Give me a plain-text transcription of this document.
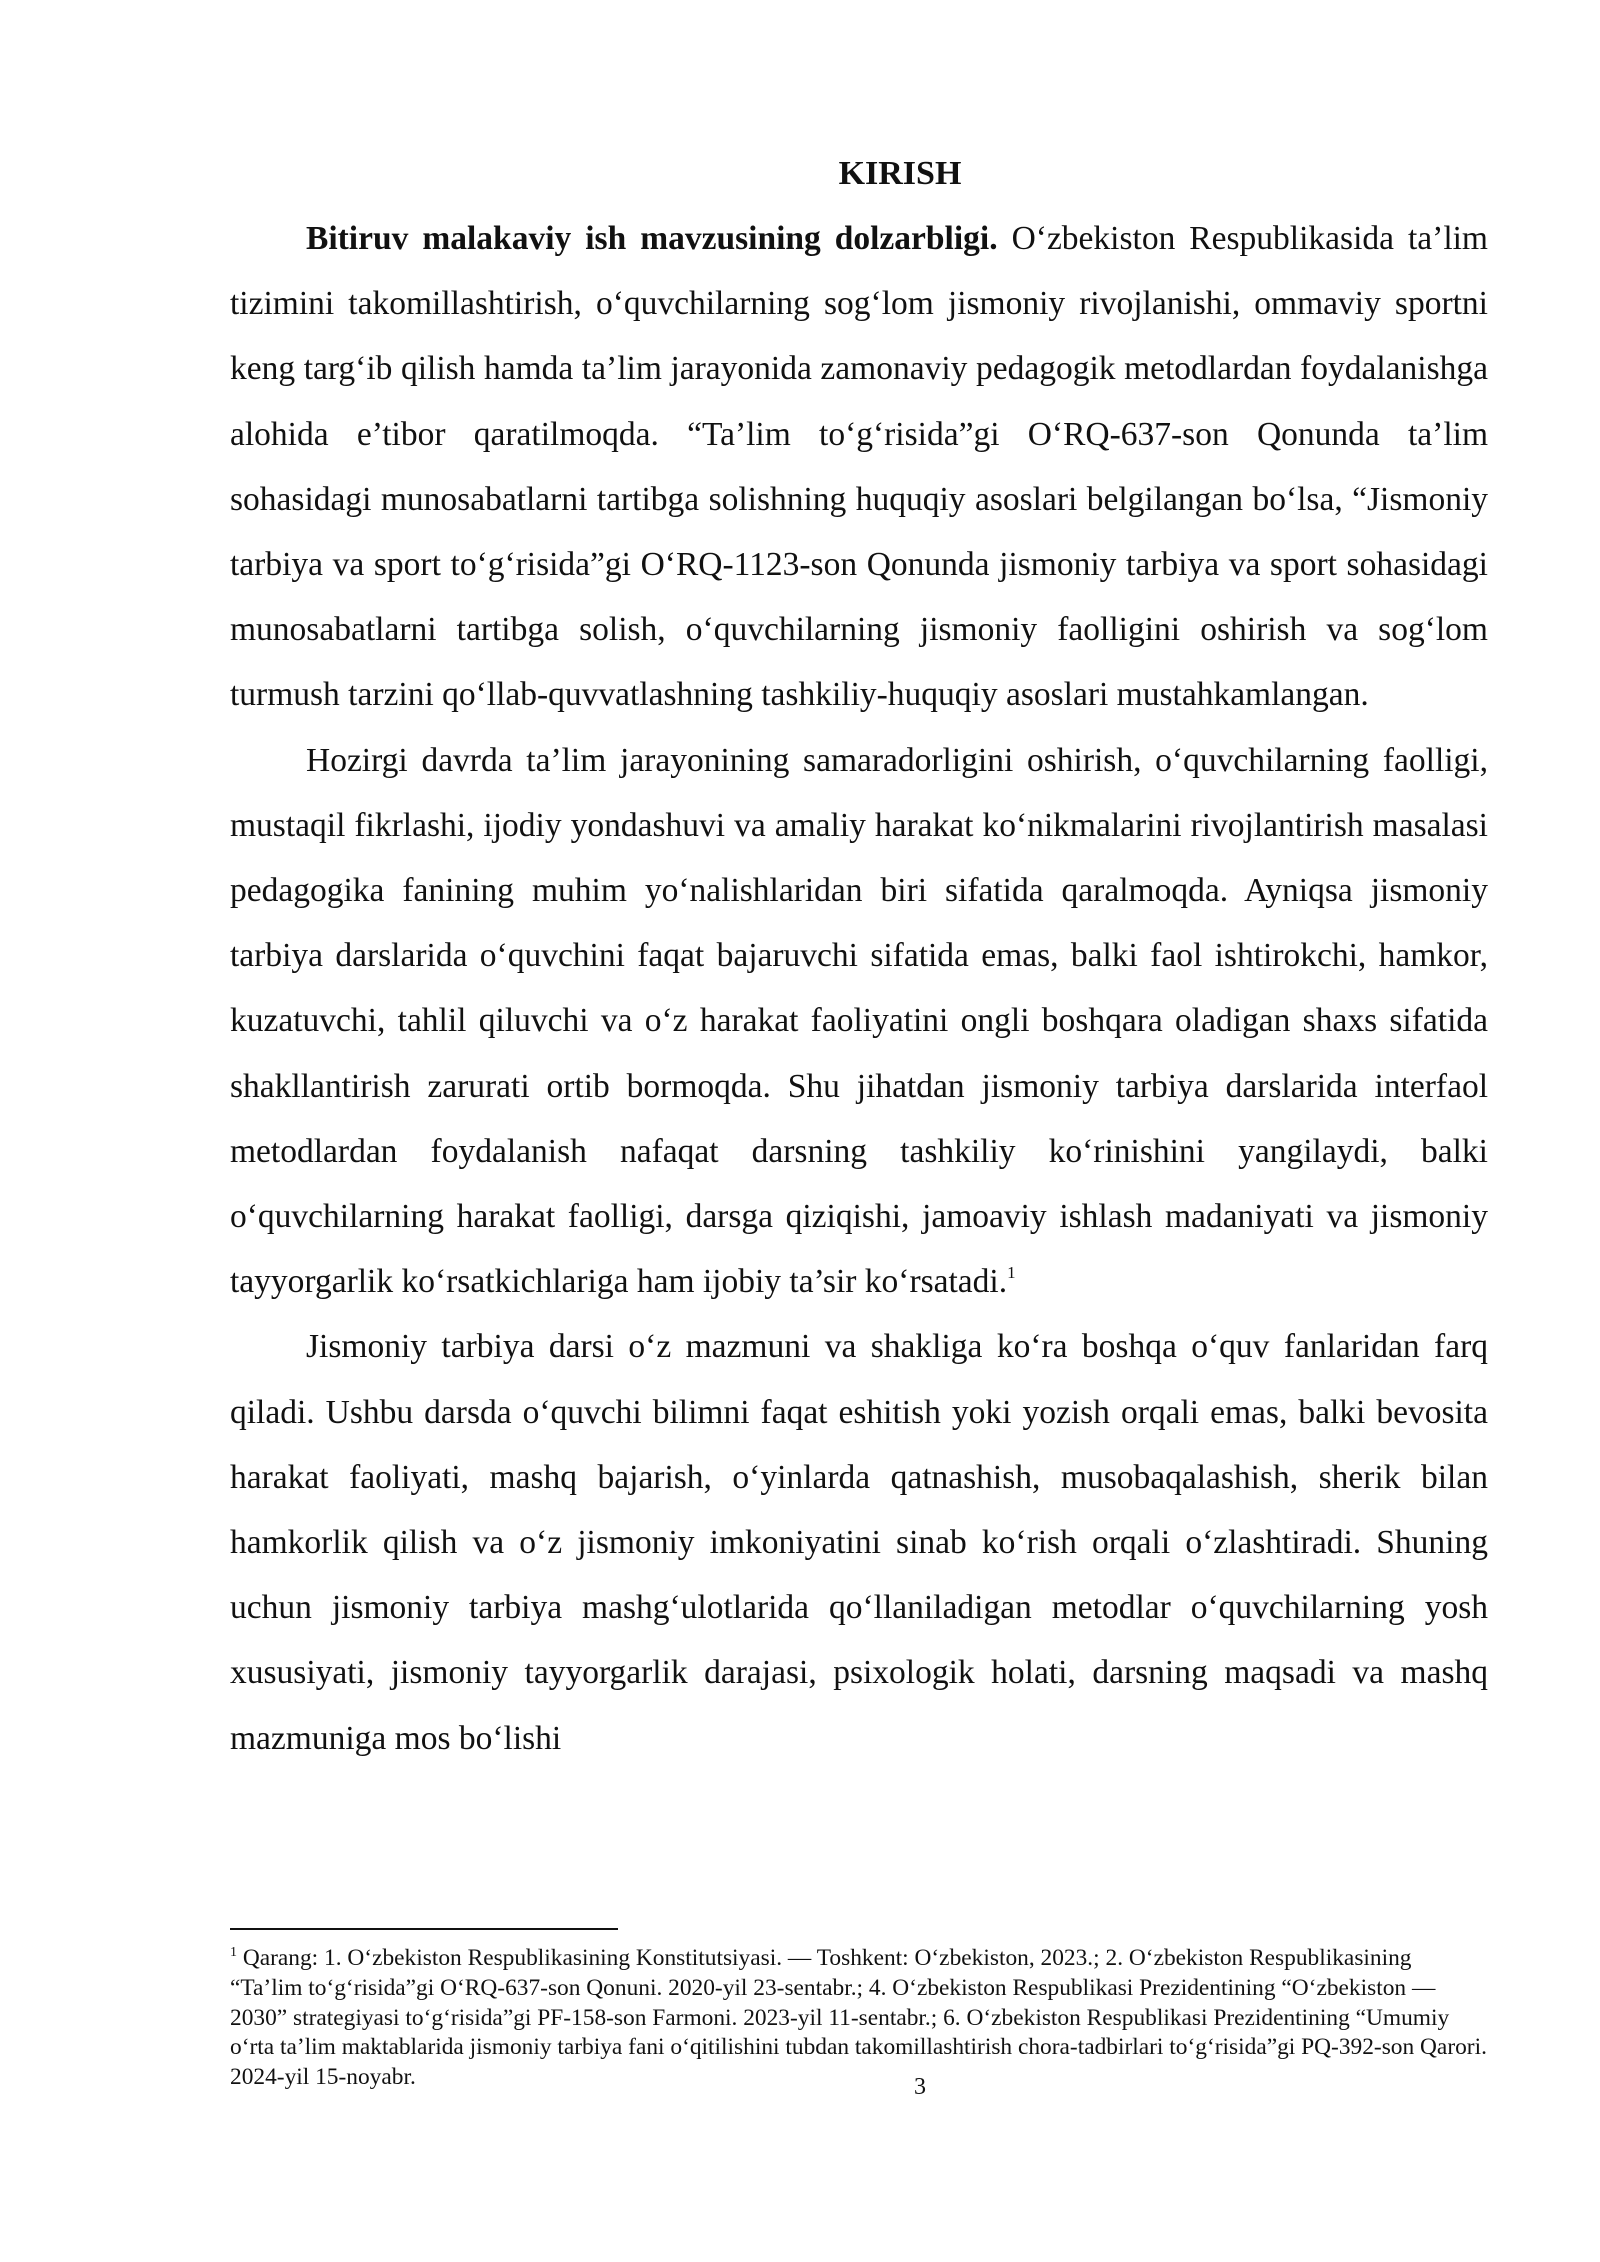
KIRISH

Bitiruv malakaviy ish mavzusining dolzarbligi. O‘zbekiston Respublikasida ta’lim tizimini takomillashtirish, o‘quvchilarning sog‘lom jismoniy rivojlanishi, ommaviy sportni keng targ‘ib qilish hamda ta’lim jarayonida zamonaviy pedagogik metodlardan foydalanishga alohida e’tibor qaratilmoqda. “Ta’lim to‘g‘risida”gi O‘RQ-637-son Qonunda ta’lim sohasidagi munosabatlarni tartibga solishning huquqiy asoslari belgilangan bo‘lsa, “Jismoniy tarbiya va sport to‘g‘risida”gi O‘RQ-1123-son Qonunda jismoniy tarbiya va sport sohasidagi munosabatlarni tartibga solish, o‘quvchilarning jismoniy faolligini oshirish va sog‘lom turmush tarzini qo‘llab-quvvatlashning tashkiliy-huquqiy asoslari mustahkamlangan.

Hozirgi davrda ta’lim jarayonining samaradorligini oshirish, o‘quvchilarning faolligi, mustaqil fikrlashi, ijodiy yondashuvi va amaliy harakat ko‘nikmalarini rivojlantirish masalasi pedagogika fanining muhim yo‘nalishlaridan biri sifatida qaralmoqda. Ayniqsa jismoniy tarbiya darslarida o‘quvchini faqat bajaruvchi sifatida emas, balki faol ishtirokchi, hamkor, kuzatuvchi, tahlil qiluvchi va o‘z harakat faoliyatini ongli boshqara oladigan shaxs sifatida shakllantirish zarurati ortib bormoqda. Shu jihatdan jismoniy tarbiya darslarida interfaol metodlardan foydalanish nafaqat darsning tashkiliy ko‘rinishini yangilaydi, balki o‘quvchilarning harakat faolligi, darsga qiziqishi, jamoaviy ishlash madaniyati va jismoniy tayyorgarlik ko‘rsatkichlariga ham ijobiy ta’sir ko‘rsatadi.$^1$

Jismoniy tarbiya darsi o‘z mazmuni va shakliga ko‘ra boshqa o‘quv fanlaridan farq qiladi. Ushbu darsda o‘quvchi bilimni faqat eshitish yoki yozish orqali emas, balki bevosita harakat faoliyati, mashq bajarish, o‘yinlarda qatnashish, musobaqalashish, sherik bilan hamkorlik qilish va o‘z jismoniy imkoniyatini sinab ko‘rish orqali o‘zlashtiradi. Shuning uchun jismoniy tarbiya mashg‘ulotlarida qo‘llaniladigan metodlar o‘quvchilarning yosh xususiyati, jismoniy tayyorgarlik darajasi, psixologik holati, darsning maqsadi va mashq mazmuniga mos bo‘lishi

$^1$ Qarang: 1. O‘zbekiston Respublikasining Konstitutsiyasi. — Toshkent: O‘zbekiston, 2023.; 2. O‘zbekiston Respublikasining “Ta’lim to‘g‘risida”gi O‘RQ-637-son Qonuni. 2020-yil 23-sentabr.; 4. O‘zbekiston Respublikasi Prezidentining “O‘zbekiston — 2030” strategiyasi to‘g‘risida”gi PF-158-son Farmoni. 2023-yil 11-sentabr.; 6. O‘zbekiston Respublikasi Prezidentining “Umumiy o‘rta ta’lim maktablarida jismoniy tarbiya fani o‘qitilishini tubdan takomillashtirish chora-tadbirlari to‘g‘risida”gi PQ-392-son Qarori. 2024-yil 15-noyabr.	3
